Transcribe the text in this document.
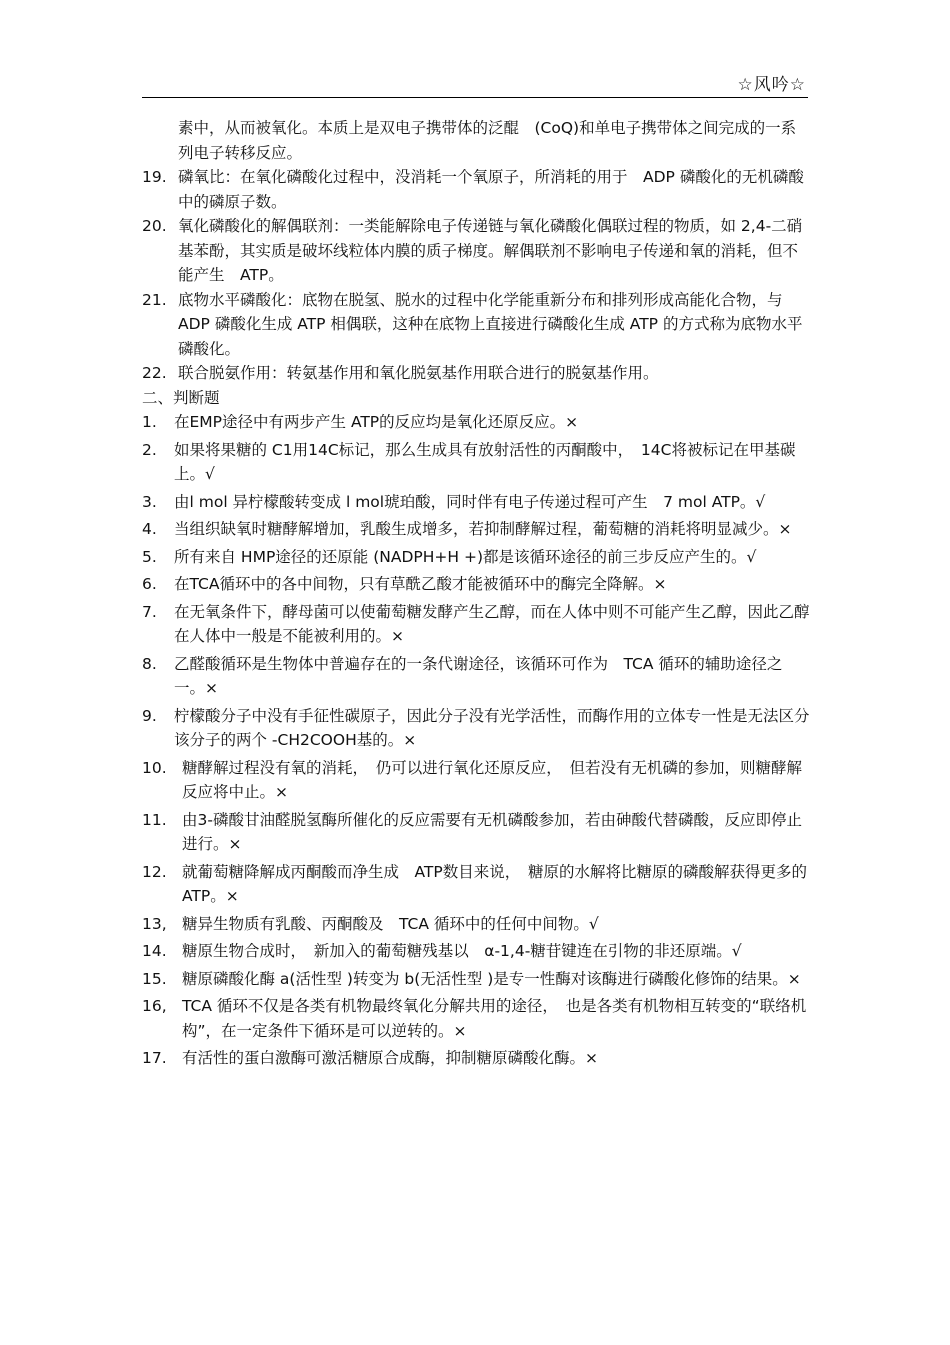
☆风吟☆
素中，从而被氧化。本质上是双电子携带体的泛醌　(CoQ)和单电子携带体之间完成的一系列电子转移反应。
19. 磷氧比：在氧化磷酸化过程中，没消耗一个氧原子，所消耗的用于　ADP 磷酸化的无机磷酸中的磷原子数。
20. 氧化磷酸化的解偶联剂：一类能解除电子传递链与氧化磷酸化偶联过程的物质，如 2,4-二硝基苯酚，其实质是破坏线粒体内膜的质子梯度。解偶联剂不影响电子传递和氧的消耗，但不能产生　ATP。
21. 底物水平磷酸化：底物在脱氢、脱水的过程中化学能重新分布和排列形成高能化合物，与 ADP 磷酸化生成 ATP 相偶联，这种在底物上直接进行磷酸化生成 ATP 的方式称为底物水平磷酸化。
22. 联合脱氨作用：转氨基作用和氧化脱氨基作用联合进行的脱氨基作用。
二、判断题
1.	在EMP途径中有两步产生 ATP的反应均是氧化还原反应。×
2.	如果将果糖的 C1用14C标记，那么生成具有放射活性的丙酮酸中，　14C将被标记在甲基碳上。√
3.	由l mol 异柠檬酸转变成 l mol琥珀酸，同时伴有电子传递过程可产生　7 mol ATP。√
4.	当组织缺氧时糖酵解增加，乳酸生成增多，若抑制酵解过程，葡萄糖的消耗将明显减少。×
5.	所有来自 HMP途径的还原能 (NADPH+H +)都是该循环途径的前三步反应产生的。√
6.	在TCA循环中的各中间物，只有草酰乙酸才能被循环中的酶完全降解。×
7.	在无氧条件下，酵母菌可以使葡萄糖发酵产生乙醇，而在人体中则不可能产生乙醇，因此乙醇在人体中一般是不能被利用的。×
8.	乙醛酸循环是生物体中普遍存在的一条代谢途径，该循环可作为　TCA 循环的辅助途径之一。×
9.	柠檬酸分子中没有手征性碳原子，因此分子没有光学活性，而酶作用的立体专一性是无法区分该分子的两个 -CH2COOH基的。×
10. 糖酵解过程没有氧的消耗，　仍可以进行氧化还原反应，　但若没有无机磷的参加，则糖酵解反应将中止。×
11. 由3-磷酸甘油醛脱氢酶所催化的反应需要有无机磷酸参加，若由砷酸代替磷酸，反应即停止进行。×
12. 就葡萄糖降解成丙酮酸而净生成　ATP数目来说，　糖原的水解将比糖原的磷酸解获得更多的 ATP。×
13, 糖异生物质有乳酸、丙酮酸及　TCA 循环中的任何中间物。√
14. 糖原生物合成时，　新加入的葡萄糖残基以　α-1,4-糖苷键连在引物的非还原端。√
15. 糖原磷酸化酶 a(活性型 )转变为 b(无活性型 )是专一性酶对该酶进行磷酸化修饰的结果。×
16, TCA 循环不仅是各类有机物最终氧化分解共用的途径，　也是各类有机物相互转变的“联络机构”，在一定条件下循环是可以逆转的。×
17. 有活性的蛋白激酶可激活糖原合成酶，抑制糖原磷酸化酶。×
